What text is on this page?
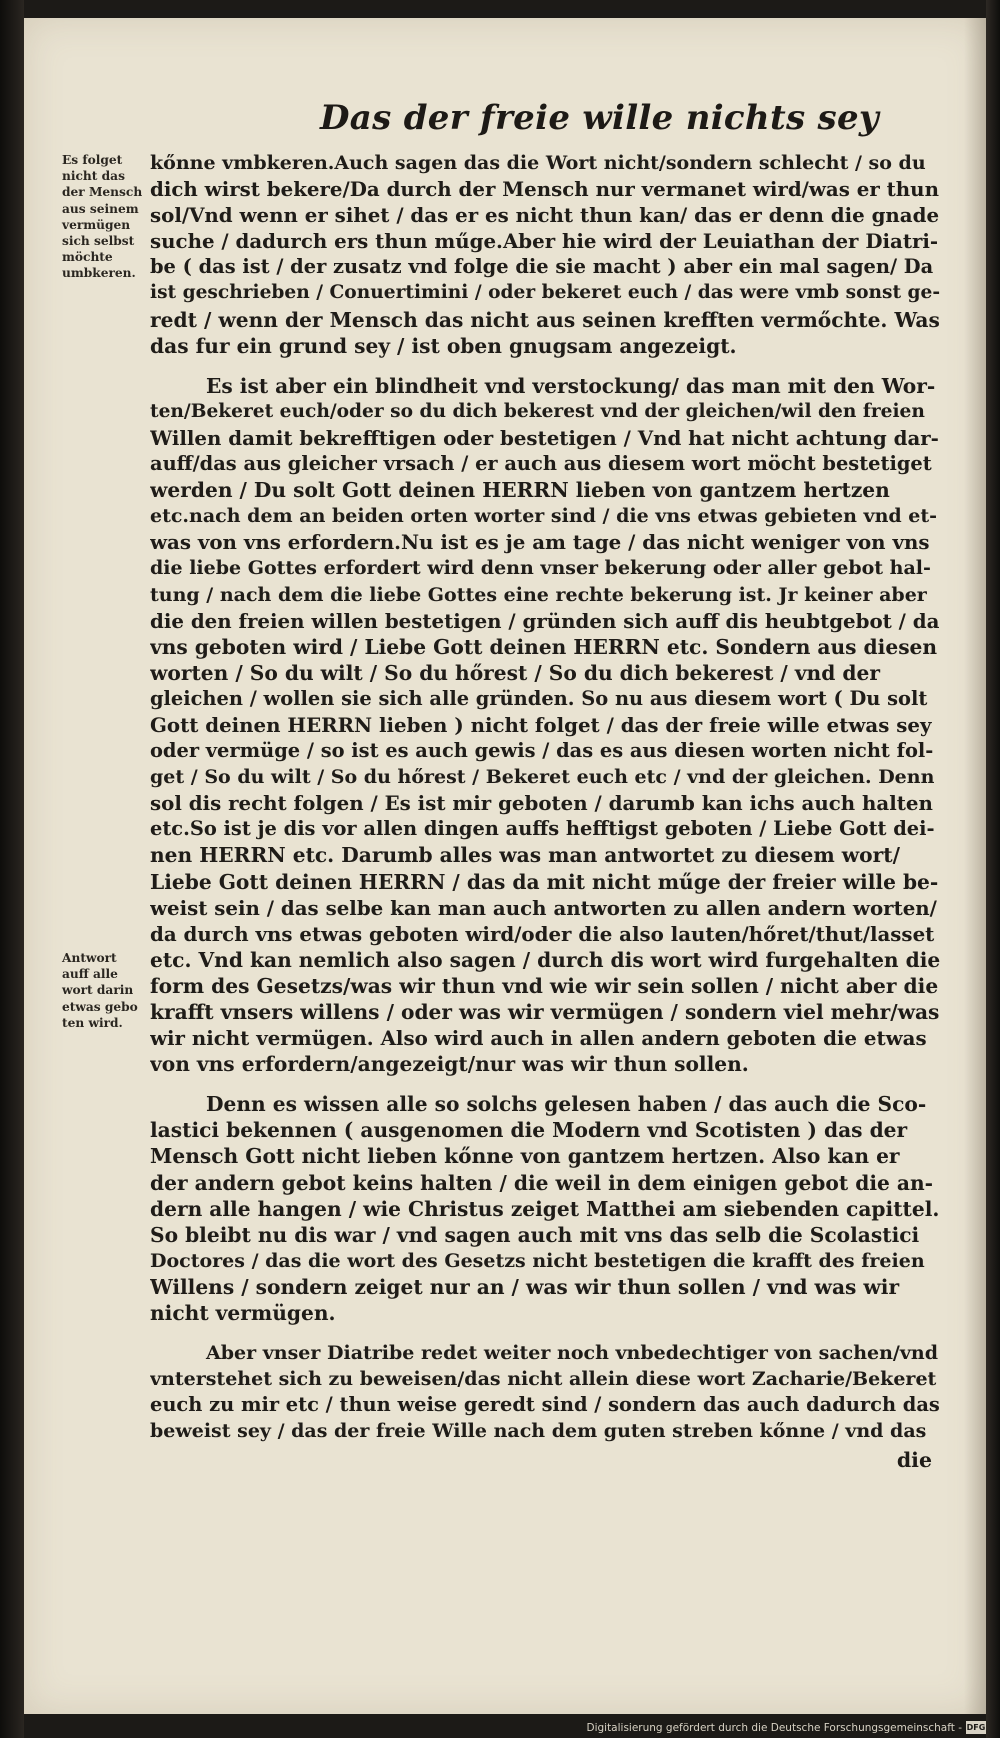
Das der freie wille nichts sey
Es folget
nicht das
der Mensch
aus seinem
vermügen
sich selbst
möchte
umbkeren.
Antwort
auff alle
wort darin
etwas gebo
ten wird.
kőnne vmbkeren.Auch sagen das die Wort nicht/sondern schlecht / so du
dich wirst bekere/Da durch der Mensch nur vermanet wird/was er thun
sol/Vnd wenn er sihet / das er es nicht thun kan/ das er denn die gnade
suche / dadurch ers thun műge.Aber hie wird der Leuiathan der Diatri-
be ( das ist / der zusatz vnd folge die sie macht ) aber ein mal sagen/ Da
ist geschrieben / Conuertimini / oder bekeret euch / das were vmb sonst ge-
redt / wenn der Mensch das nicht aus seinen krefften vermőchte. Was
das fur ein grund sey / ist oben gnugsam angezeigt.
Es ist aber ein blindheit vnd verstockung/ das man mit den Wor-
ten/Bekeret euch/oder so du dich bekerest vnd der gleichen/wil den freien
Willen damit bekrefftigen oder bestetigen / Vnd hat nicht achtung dar-
auff/das aus gleicher vrsach / er auch aus diesem wort möcht bestetiget
werden / Du solt Gott deinen HERRN lieben von gantzem hertzen
etc.nach dem an beiden orten worter sind / die vns etwas gebieten vnd et-
was von vns erfordern.Nu ist es je am tage / das nicht weniger von vns
die liebe Gottes erfordert wird denn vnser bekerung oder aller gebot hal-
tung / nach dem die liebe Gottes eine rechte bekerung ist. Jr keiner aber
die den freien willen bestetigen / gründen sich auff dis heubtgebot / da
vns geboten wird / Liebe Gott deinen HERRN etc. Sondern aus diesen
worten / So du wilt / So du hőrest / So du dich bekerest / vnd der
gleichen / wollen sie sich alle gründen. So nu aus diesem wort ( Du solt
Gott deinen HERRN lieben ) nicht folget / das der freie wille etwas sey
oder vermüge / so ist es auch gewis / das es aus diesen worten nicht fol-
get / So du wilt / So du hőrest / Bekeret euch etc / vnd der gleichen. Denn
sol dis recht folgen / Es ist mir geboten / darumb kan ichs auch halten
etc.So ist je dis vor allen dingen auffs hefftigst geboten / Liebe Gott dei-
nen HERRN etc. Darumb alles was man antwortet zu diesem wort/
Liebe Gott deinen HERRN / das da mit nicht műge der freier wille be-
weist sein / das selbe kan man auch antworten zu allen andern worten/
da durch vns etwas geboten wird/oder die also lauten/hőret/thut/lasset
etc. Vnd kan nemlich also sagen / durch dis wort wird furgehalten die
form des Gesetzs/was wir thun vnd wie wir sein sollen / nicht aber die
krafft vnsers willens / oder was wir vermügen / sondern viel mehr/was
wir nicht vermügen. Also wird auch in allen andern geboten die etwas
von vns erfordern/angezeigt/nur was wir thun sollen.
Denn es wissen alle so solchs gelesen haben / das auch die Sco-
lastici bekennen ( ausgenomen die Modern vnd Scotisten ) das der
Mensch Gott nicht lieben kőnne von gantzem hertzen. Also kan er
der andern gebot keins halten / die weil in dem einigen gebot die an-
dern alle hangen / wie Christus zeiget Matthei am siebenden capittel.
So bleibt nu dis war / vnd sagen auch mit vns das selb die Scolastici
Doctores / das die wort des Gesetzs nicht bestetigen die krafft des freien
Willens / sondern zeiget nur an / was wir thun sollen / vnd was wir
nicht vermügen.
Aber vnser Diatribe redet weiter noch vnbedechtiger von sachen/vnd
vnterstehet sich zu beweisen/das nicht allein diese wort Zacharie/Bekeret
euch zu mir etc / thun weise geredt sind / sondern das auch dadurch das
beweist sey / das der freie Wille nach dem guten streben kőnne / vnd das
die
Digitalisierung gefördert durch die Deutsche Forschungsgemeinschaft - DFG
